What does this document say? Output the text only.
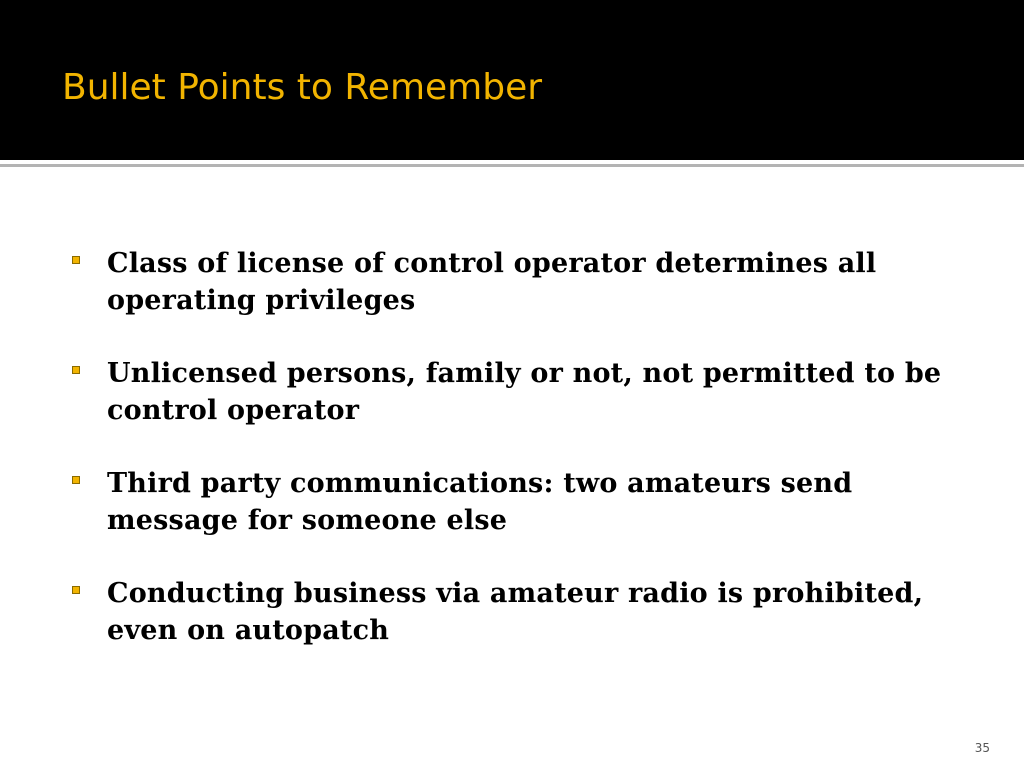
Bullet Points to Remember
Class of license of control operator determines all operating privileges
Unlicensed persons, family or not, not permitted to be control operator
Third party communications: two amateurs send message for someone else
Conducting business via amateur radio is prohibited, even on autopatch
35
